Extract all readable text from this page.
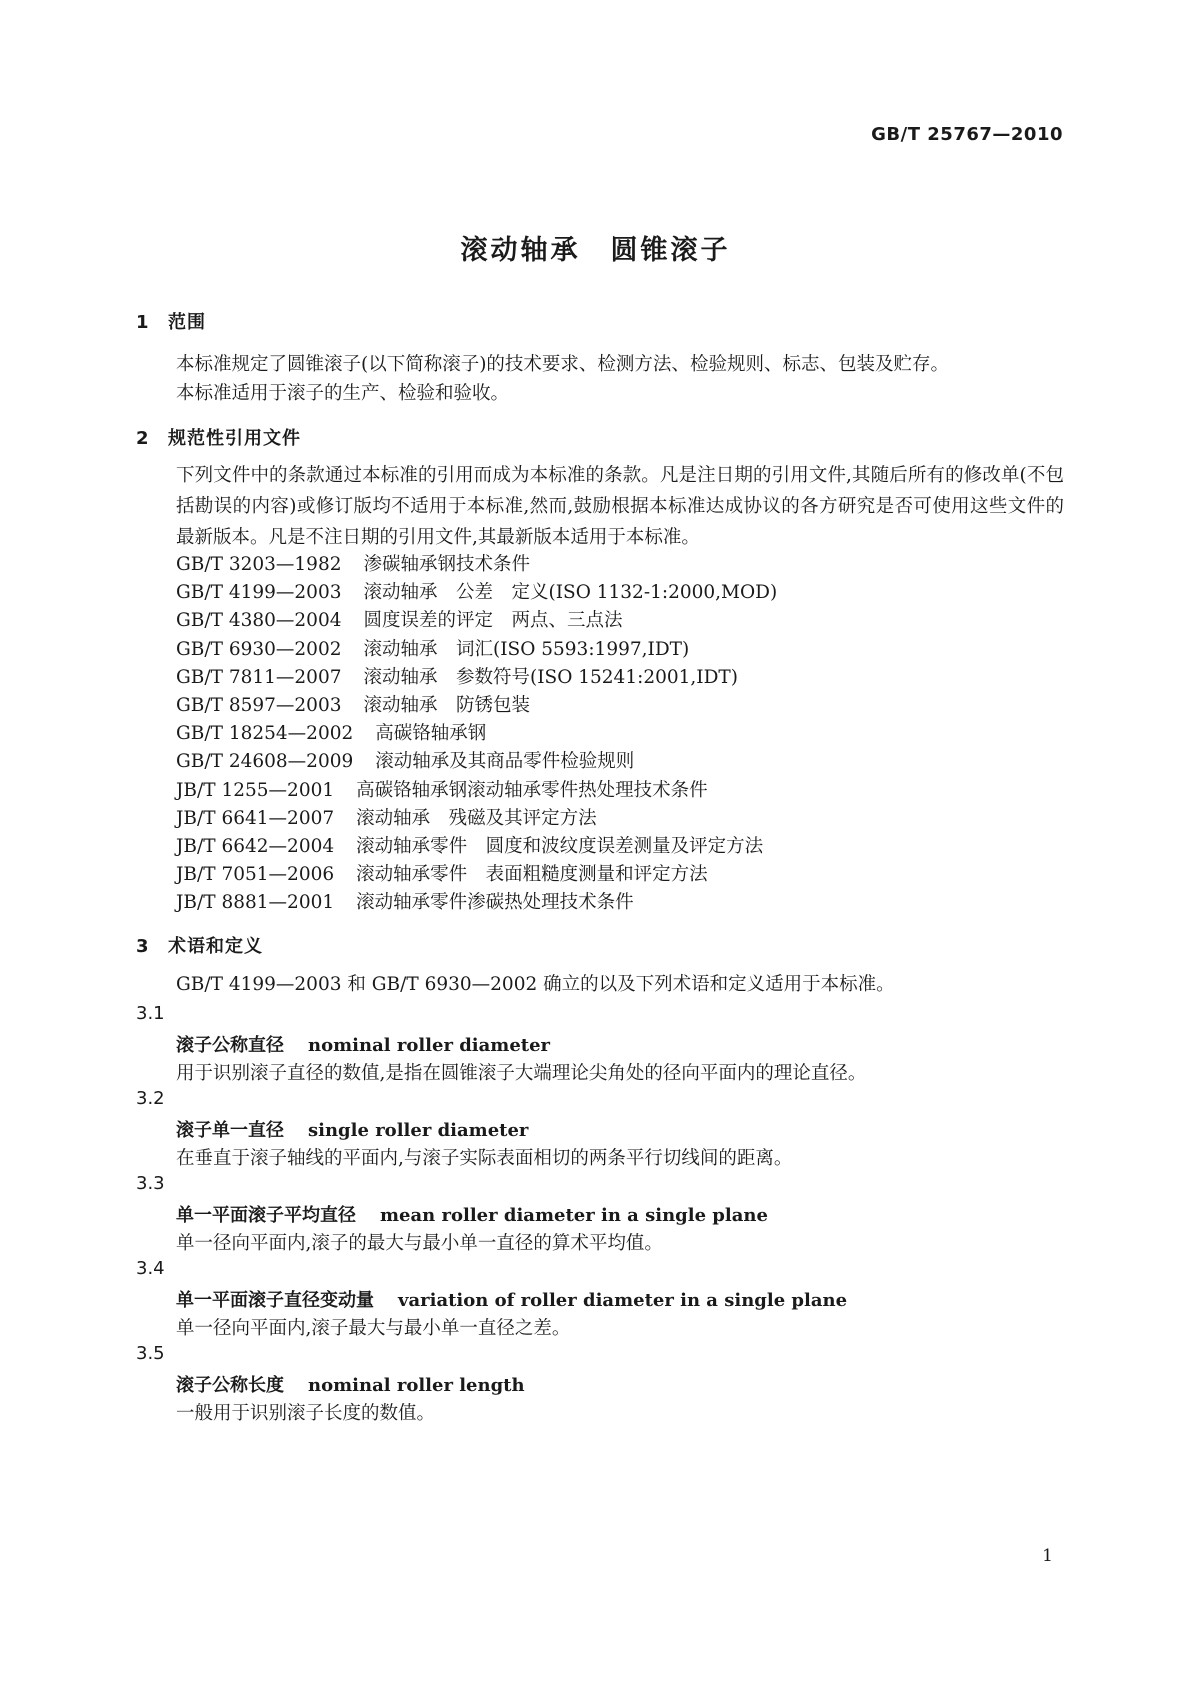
GB/T 25767—2010
滚动轴承　圆锥滚子
1 范围
本标准规定了圆锥滚子(以下简称滚子)的技术要求、检测方法、检验规则、标志、包装及贮存。
本标准适用于滚子的生产、检验和验收。
2 规范性引用文件
下列文件中的条款通过本标准的引用而成为本标准的条款。凡是注日期的引用文件,其随后所有的修改单(不包括勘误的内容)或修订版均不适用于本标准,然而,鼓励根据本标准达成协议的各方研究是否可使用这些文件的最新版本。凡是不注日期的引用文件,其最新版本适用于本标准。
GB/T 3203—1982 渗碳轴承钢技术条件
GB/T 4199—2003 滚动轴承　公差　定义(ISO 1132-1:2000,MOD)
GB/T 4380—2004 圆度误差的评定　两点、三点法
GB/T 6930—2002 滚动轴承　词汇(ISO 5593:1997,IDT)
GB/T 7811—2007 滚动轴承　参数符号(ISO 15241:2001,IDT)
GB/T 8597—2003 滚动轴承　防锈包装
GB/T 18254—2002 高碳铬轴承钢
GB/T 24608—2009 滚动轴承及其商品零件检验规则
JB/T 1255—2001 高碳铬轴承钢滚动轴承零件热处理技术条件
JB/T 6641—2007 滚动轴承　残磁及其评定方法
JB/T 6642—2004 滚动轴承零件　圆度和波纹度误差测量及评定方法
JB/T 7051—2006 滚动轴承零件　表面粗糙度测量和评定方法
JB/T 8881—2001 滚动轴承零件渗碳热处理技术条件
3 术语和定义
GB/T 4199—2003 和 GB/T 6930—2002 确立的以及下列术语和定义适用于本标准。
3.1
滚子公称直径 nominal roller diameter
用于识别滚子直径的数值,是指在圆锥滚子大端理论尖角处的径向平面内的理论直径。
3.2
滚子单一直径 single roller diameter
在垂直于滚子轴线的平面内,与滚子实际表面相切的两条平行切线间的距离。
3.3
单一平面滚子平均直径 mean roller diameter in a single plane
单一径向平面内,滚子的最大与最小单一直径的算术平均值。
3.4
单一平面滚子直径变动量 variation of roller diameter in a single plane
单一径向平面内,滚子最大与最小单一直径之差。
3.5
滚子公称长度 nominal roller length
一般用于识别滚子长度的数值。
1
